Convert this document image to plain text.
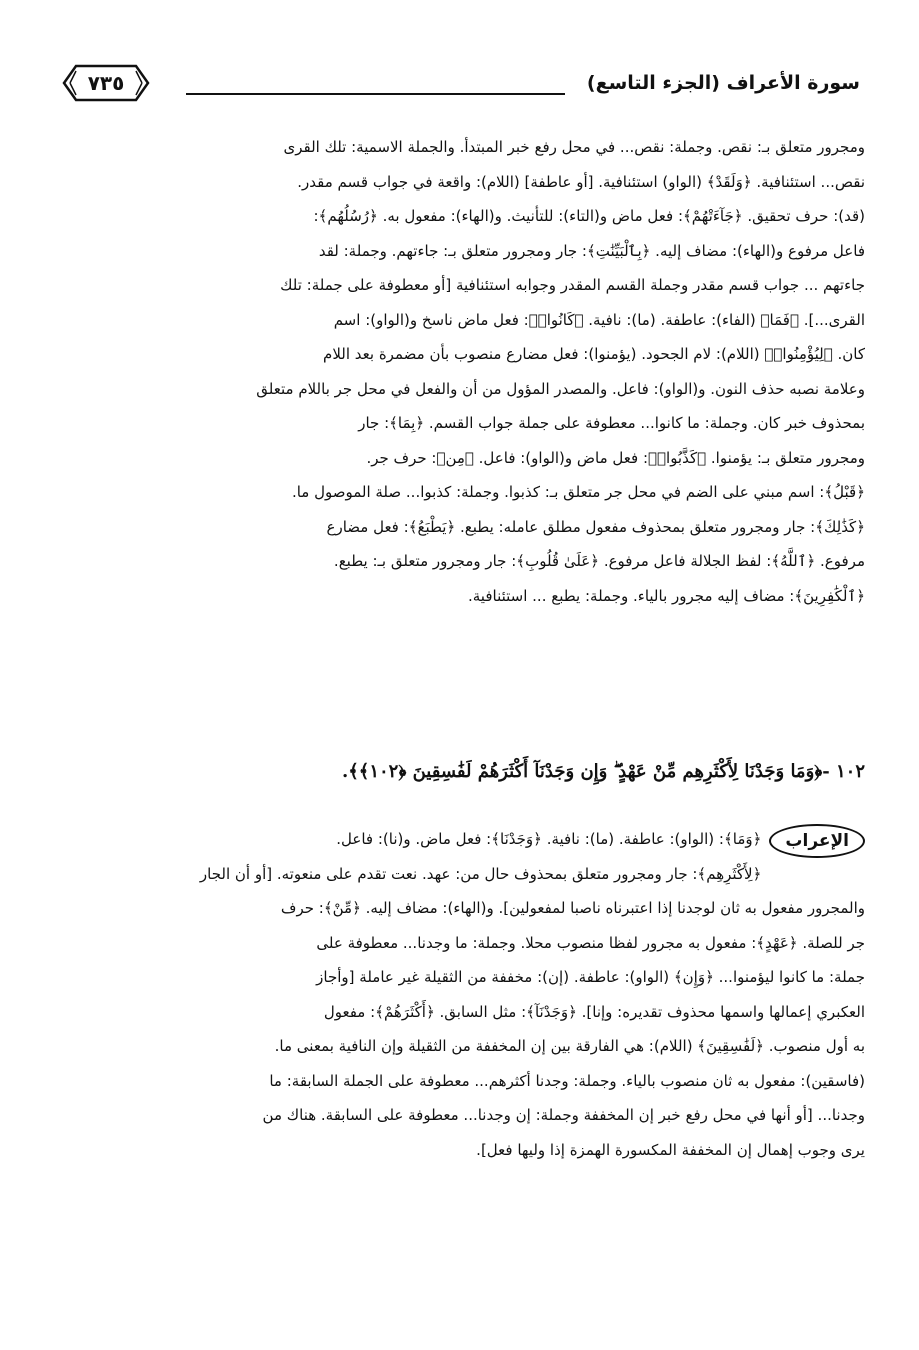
سورة الأعراف (الجزء التاسع)
٧٣٥
ومجرور متعلق بـ: نقص. وجملة: نقص... في محل رفع خبر المبتدأ. والجملة الاسمية: تلك القرى
نقص... استئنافية. ﴿وَلَقَدْ﴾ (الواو) استئنافية. [أو عاطفة] (اللام): واقعة في جواب قسم مقدر.
(قد): حرف تحقيق. ﴿جَآءَتْهُمْ﴾: فعل ماض و(التاء): للتأنيث. و(الهاء): مفعول به. ﴿رُسُلُهُم﴾:
فاعل مرفوع و(الهاء): مضاف إليه. ﴿بِٱلْبَيِّنَٰتِ﴾: جار ومجرور متعلق بـ: جاءتهم. وجملة: لقد
جاءتهم ... جواب قسم مقدر وجملة القسم المقدر وجوابه استئنافية [أو معطوفة على جملة: تلك
القرى...]. ﴿فَمَا﴾ (الفاء): عاطفة. (ما): نافية. ﴿كَانُوا۟﴾: فعل ماض ناسخ و(الواو): اسم
كان. ﴿لِيُؤْمِنُوا۟﴾ (اللام): لام الجحود. (يؤمنوا): فعل مضارع منصوب بأن مضمرة بعد اللام
وعلامة نصبه حذف النون. و(الواو): فاعل. والمصدر المؤول من أن والفعل في محل جر باللام متعلق
بمحذوف خبر كان. وجملة: ما كانوا... معطوفة على جملة جواب القسم. ﴿بِمَا﴾: جار
ومجرور متعلق بـ: يؤمنوا. ﴿كَذَّبُوا۟﴾: فعل ماض و(الواو): فاعل. ﴿مِن﴾: حرف جر.
﴿قَبْلُ﴾: اسم مبني على الضم في محل جر متعلق بـ: كذبوا. وجملة: كذبوا... صلة الموصول ما.
﴿كَذَٰلِكَ﴾: جار ومجرور متعلق بمحذوف مفعول مطلق عامله: يطبع. ﴿يَطْبَعُ﴾: فعل مضارع
مرفوع. ﴿ٱللَّهُ﴾: لفظ الجلالة فاعل مرفوع. ﴿عَلَىٰ قُلُوبِ﴾: جار ومجرور متعلق بـ: يطبع.
﴿ٱلْكَٰفِرِينَ﴾: مضاف إليه مجرور بالياء. وجملة: يطبع ... استئنافية.
١٠٢ -﴿وَمَا وَجَدْنَا لِأَكْثَرِهِم مِّنْ عَهْدٍ ۖ وَإِن وَجَدْنَآ أَكْثَرَهُمْ لَفَٰسِقِينَ ﴿١٠٢﴾﴾.
الإعراب
﴿وَمَا﴾: (الواو): عاطفة. (ما): نافية. ﴿وَجَدْنَا﴾: فعل ماض. و(نا): فاعل.
﴿لِأَكْثَرِهِم﴾: جار ومجرور متعلق بمحذوف حال من: عهد. نعت تقدم على منعوته. [أو أن الجار
والمجرور مفعول به ثان لوجدنا إذا اعتبرناه ناصبا لمفعولين]. و(الهاء): مضاف إليه. ﴿مِّنْ﴾: حرف
جر للصلة. ﴿عَهْدٍ﴾: مفعول به مجرور لفظا منصوب محلا. وجملة: ما وجدنا... معطوفة على
جملة: ما كانوا ليؤمنوا... ﴿وَإِن﴾ (الواو): عاطفة. (إن): مخففة من الثقيلة غير عاملة [وأجاز
العكبري إعمالها واسمها محذوف تقديره: وإنا]. ﴿وَجَدْنَآ﴾: مثل السابق. ﴿أَكْثَرَهُمْ﴾: مفعول
به أول منصوب. ﴿لَفَٰسِقِينَ﴾ (اللام): هي الفارقة بين إن المخففة من الثقيلة وإن النافية بمعنى ما.
(فاسقين): مفعول به ثان منصوب بالياء. وجملة: وجدنا أكثرهم... معطوفة على الجملة السابقة: ما
وجدنا... [أو أنها في محل رفع خبر إن المخففة وجملة: إن وجدنا... معطوفة على السابقة. هناك من
يرى وجوب إهمال إن المخففة المكسورة الهمزة إذا وليها فعل].
